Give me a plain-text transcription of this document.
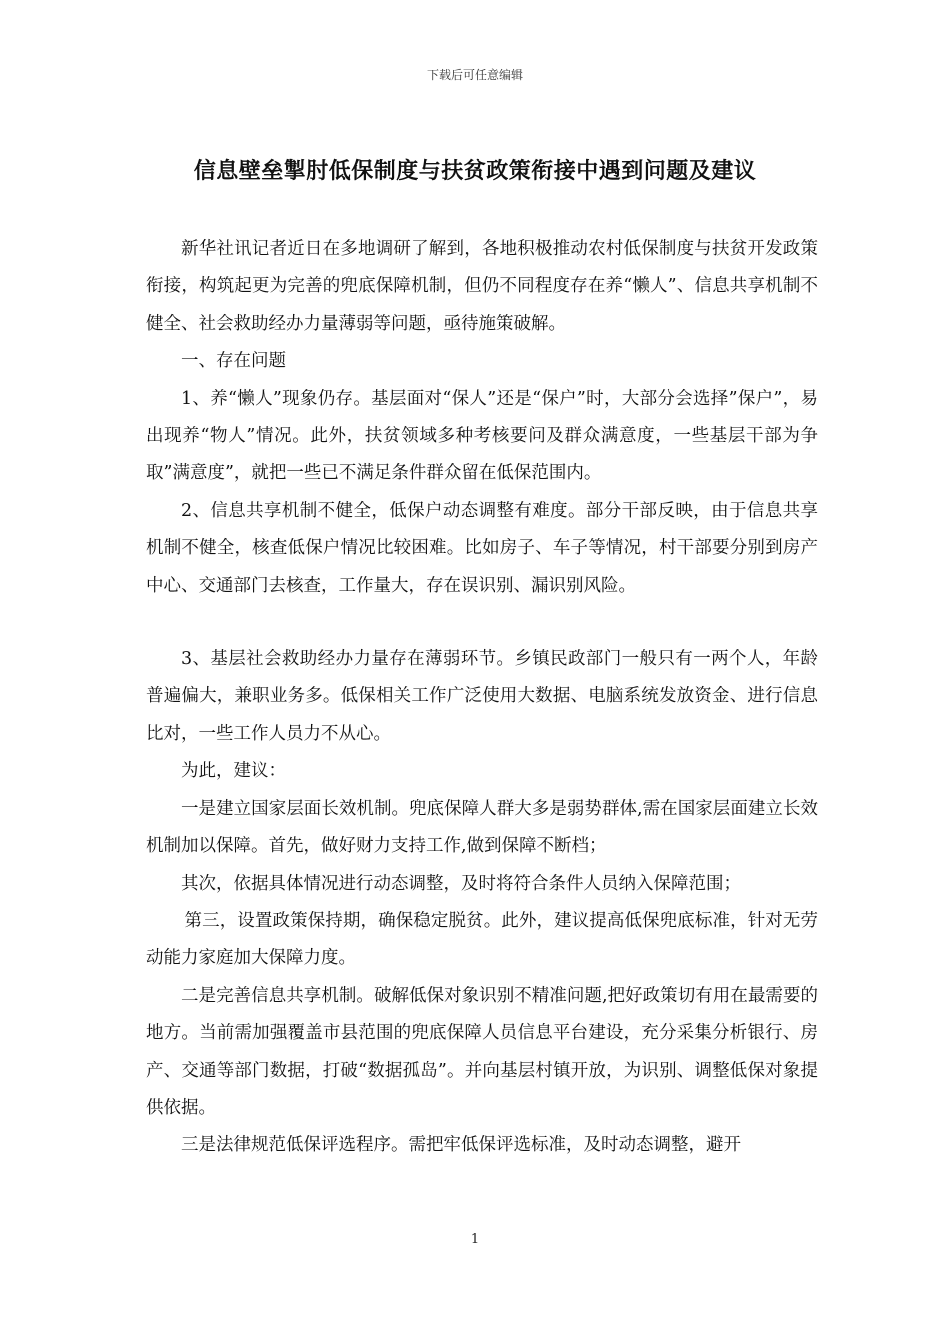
下载后可任意编辑
信息壁垒掣肘低保制度与扶贫政策衔接中遇到问题及建议

新华社讯记者近日在多地调研了解到，各地积极推动农村低保制度与扶贫开发政策衔接，构筑起更为完善的兜底保障机制，但仍不同程度存在养“懒人”、信息共享机制不健全、社会救助经办力量薄弱等问题，亟待施策破解。

一、存在问题

1、养“懒人”现象仍存。基层面对“保人”还是“保户”时，大部分会选择”保户”，易出现养“物人”情况。此外，扶贫领域多种考核要问及群众满意度，一些基层干部为争取”满意度”，就把一些已不满足条件群众留在低保范围内。

2、信息共享机制不健全，低保户动态调整有难度。部分干部反映，由于信息共享机制不健全，核查低保户情况比较困难。比如房子、车子等情况，村干部要分别到房产中心、交通部门去核查，工作量大，存在误识别、漏识别风险。

3、基层社会救助经办力量存在薄弱环节。乡镇民政部门一般只有一两个人，年龄普遍偏大，兼职业务多。低保相关工作广泛使用大数据、电脑系统发放资金、进行信息比对，一些工作人员力不从心。

为此，建议：

一是建立国家层面长效机制。兜底保障人群大多是弱势群体,需在国家层面建立长效机制加以保障。首先，做好财力支持工作,做到保障不断档；

其次，依据具体情况进行动态调整，及时将符合条件人员纳入保障范围；

第三，设置政策保持期，确保稳定脱贫。此外，建议提高低保兜底标准，针对无劳动能力家庭加大保障力度。

二是完善信息共享机制。破解低保对象识别不精准问题,把好政策切有用在最需要的地方。当前需加强覆盖市县范围的兜底保障人员信息平台建设，充分采集分析银行、房产、交通等部门数据，打破“数据孤岛”。并向基层村镇开放，为识别、调整低保对象提供依据。

三是法律规范低保评选程序。需把牢低保评选标准，及时动态调整，避开

1
